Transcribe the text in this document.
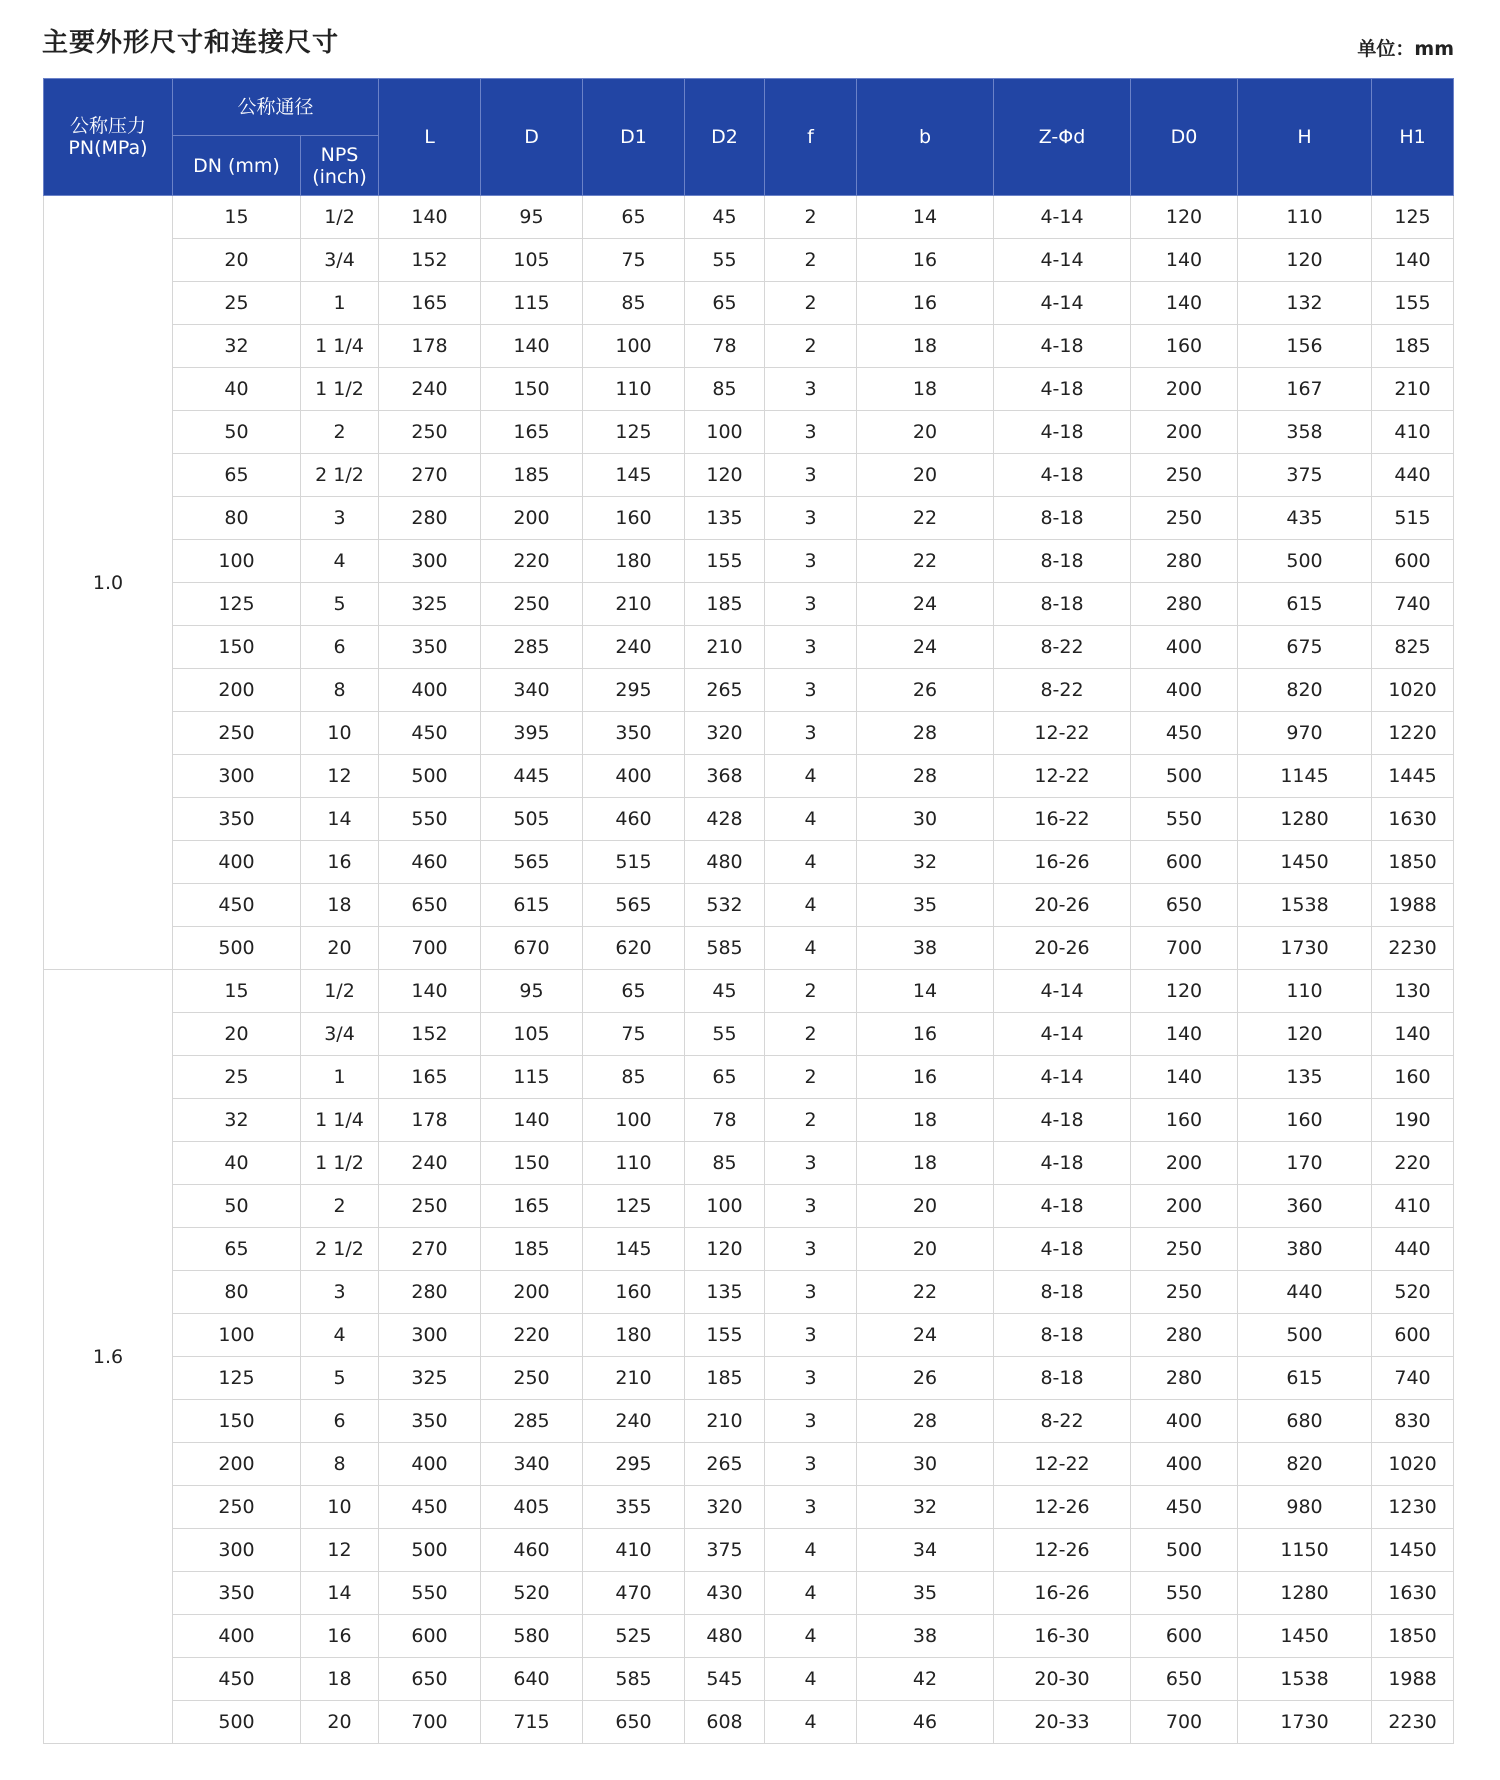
主要外形尺寸和连接尺寸	单位：mm
公称压力PN(MPa)	公称通径		L	D	D1	D2	f	b	Z-Φd	D0	H	H1
	DN (mm)	NPS (inch)										
1.0	15	1/2	140	95	65	45	2	14	4-14	120	110	125
	20	3/4	152	105	75	55	2	16	4-14	140	120	140
	25	1	165	115	85	65	2	16	4-14	140	132	155
	32	1 1/4	178	140	100	78	2	18	4-18	160	156	185
	40	1 1/2	240	150	110	85	3	18	4-18	200	167	210
	50	2	250	165	125	100	3	20	4-18	200	358	410
	65	2 1/2	270	185	145	120	3	20	4-18	250	375	440
	80	3	280	200	160	135	3	22	8-18	250	435	515
	100	4	300	220	180	155	3	22	8-18	280	500	600
	125	5	325	250	210	185	3	24	8-18	280	615	740
	150	6	350	285	240	210	3	24	8-22	400	675	825
	200	8	400	340	295	265	3	26	8-22	400	820	1020
	250	10	450	395	350	320	3	28	12-22	450	970	1220
	300	12	500	445	400	368	4	28	12-22	500	1145	1445
	350	14	550	505	460	428	4	30	16-22	550	1280	1630
	400	16	460	565	515	480	4	32	16-26	600	1450	1850
	450	18	650	615	565	532	4	35	20-26	650	1538	1988
	500	20	700	670	620	585	4	38	20-26	700	1730	2230
1.6	15	1/2	140	95	65	45	2	14	4-14	120	110	130
	20	3/4	152	105	75	55	2	16	4-14	140	120	140
	25	1	165	115	85	65	2	16	4-14	140	135	160
	32	1 1/4	178	140	100	78	2	18	4-18	160	160	190
	40	1 1/2	240	150	110	85	3	18	4-18	200	170	220
	50	2	250	165	125	100	3	20	4-18	200	360	410
	65	2 1/2	270	185	145	120	3	20	4-18	250	380	440
	80	3	280	200	160	135	3	22	8-18	250	440	520
	100	4	300	220	180	155	3	24	8-18	280	500	600
	125	5	325	250	210	185	3	26	8-18	280	615	740
	150	6	350	285	240	210	3	28	8-22	400	680	830
	200	8	400	340	295	265	3	30	12-22	400	820	1020
	250	10	450	405	355	320	3	32	12-26	450	980	1230
	300	12	500	460	410	375	4	34	12-26	500	1150	1450
	350	14	550	520	470	430	4	35	16-26	550	1280	1630
	400	16	600	580	525	480	4	38	16-30	600	1450	1850
	450	18	650	640	585	545	4	42	20-30	650	1538	1988
	500	20	700	715	650	608	4	46	20-33	700	1730	2230
